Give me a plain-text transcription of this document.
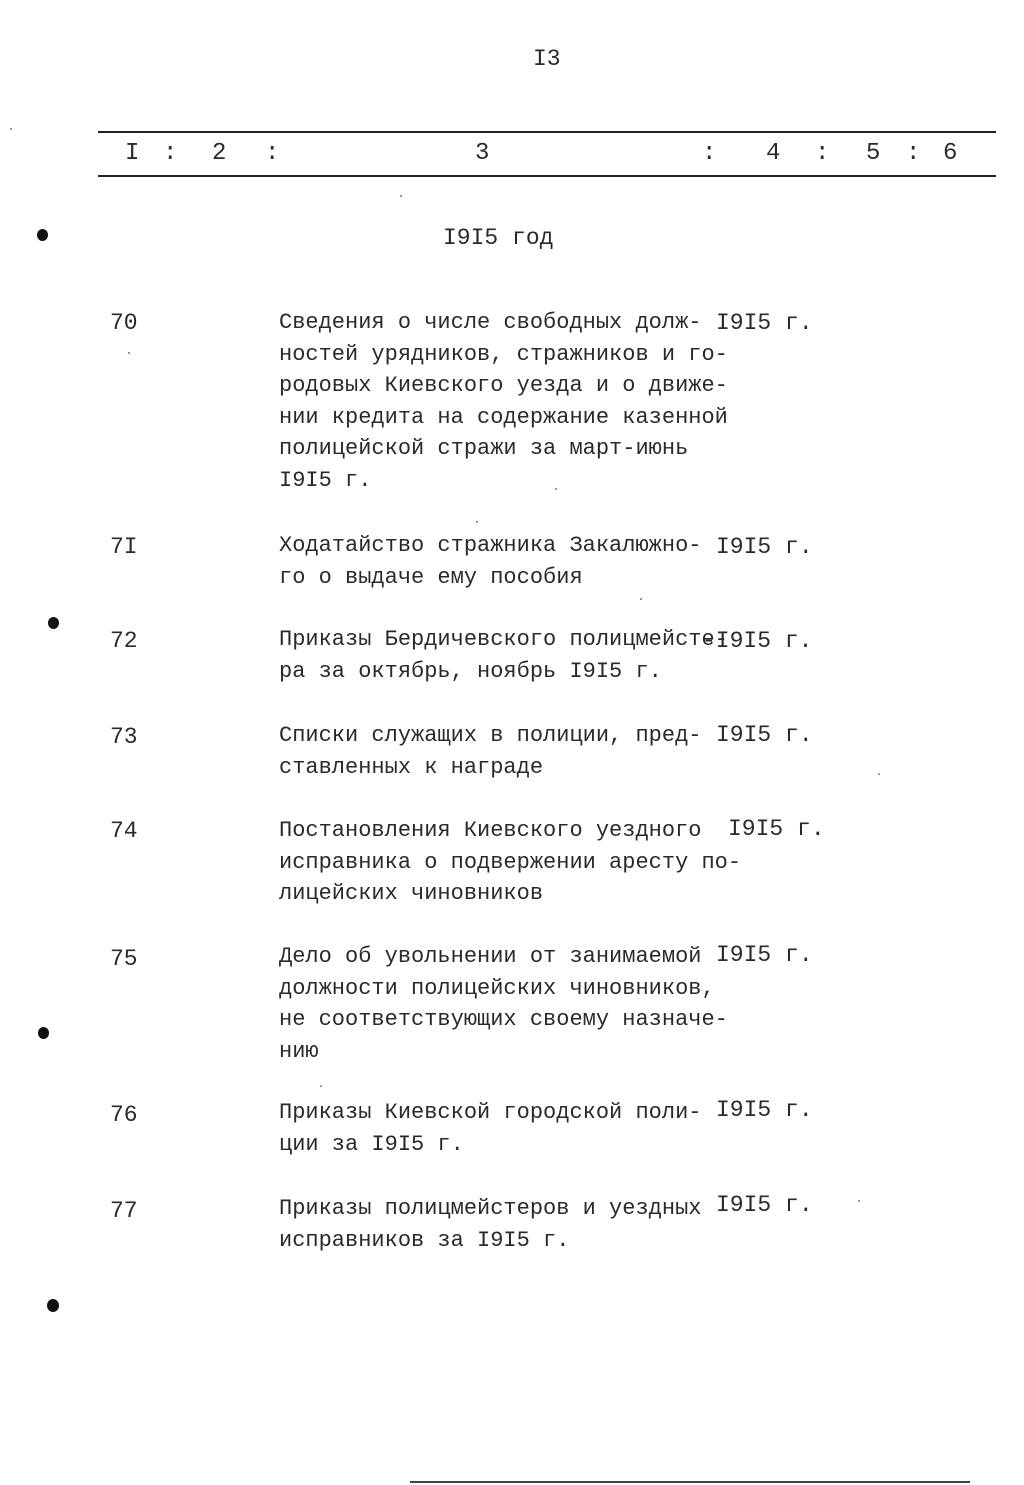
I3
I : 2 :	3	: 4 : 5 : 6
I9I5 год
70	Сведения о числе свободных долж-
ностей урядников, стражников и го-
родовых Киевского уезда и о движе-
нии кредита на содержание казенной
полицейской стражи за март-июнь
I9I5 г.
I9I5 г.
7I	Ходатайство стражника Закалюжно-
го о выдаче ему пособия
I9I5 г.
72	Приказы Бердичевского полицмейсте-
ра за октябрь, ноябрь I9I5 г.
-I9I5 г.
73	Списки служащих в полиции, пред-
ставленных к награде
I9I5 г.
74	Постановления Киевского уездного
исправника о подвержении аресту по-
лицейских чиновников
I9I5 г.
75	Дело об увольнении от занимаемой
должности полицейских чиновников,
не соответствующих своему назначе-
нию
I9I5 г.
76	Приказы Киевской городской поли-
ции за I9I5 г.
I9I5 г.
77	Приказы полицмейстеров и уездных
исправников за I9I5 г.
I9I5 г.
